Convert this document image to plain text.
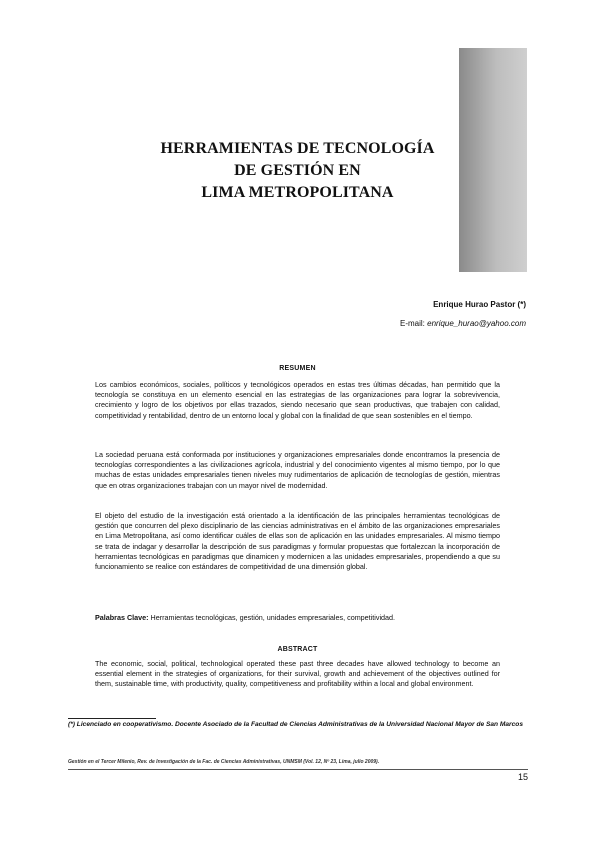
HERRAMIENTAS DE TECNOLOGÍA
DE GESTIÓN EN
LIMA METROPOLITANA
Enrique Hurao Pastor (*)
E-mail: enrique_hurao@yahoo.com
RESUMEN

Los cambios económicos, sociales, políticos y tecnológicos operados en estas tres últimas décadas, han permitido que la tecnología se constituya en un elemento esencial en las estrategias de las organizaciones para lograr la sobrevivencia, crecimiento y logro de los objetivos por ellas trazados, siendo necesario que sean productivas, que trabajen con calidad, competitividad y rentabilidad, dentro de un entorno local y global con la finalidad de que sean sostenibles en el tiempo.

La sociedad peruana está conformada por instituciones y organizaciones empresariales donde encontramos la presencia de tecnologías correspondientes a las civilizaciones agrícola, industrial y del conocimiento vigentes al mismo tiempo, por lo que muchas de estas unidades empresariales tienen niveles muy rudimentarios de aplicación de tecnologías de gestión, mientras que en otras organizaciones trabajan con un mayor nivel de modernidad.

El objeto del estudio de la investigación está orientado a la identificación de las principales herramientas tecnológicas de gestión que concurren del plexo disciplinario de las ciencias administrativas en el ámbito de las organizaciones empresariales en Lima Metropolitana, así como identificar cuáles de ellas son de aplicación en las unidades empresariales. Al mismo tiempo se trata de indagar y desarrollar la descripción de sus paradigmas y formular propuestas que fortalezcan la incorporación de herramientas tecnológicas en paradigmas que dinamicen y modernicen a las unidades empresariales, propendiendo a que su funcionamiento se realice con estándares de competitividad de una dimensión global.

Palabras Clave: Herramientas tecnológicas, gestión, unidades empresariales, competitividad.

ABSTRACT

The economic, social, political, technological operated these past three decades have allowed technology to become an essential element in the strategies of organizations, for their survival, growth and achievement of the objectives outlined for them, sustainable time, with productivity, quality, competitiveness and profitability within a local and global environment.

(*) Licenciado en cooperativismo. Docente Asociado de la Facultad de Ciencias Administrativas de la Universidad Nacional Mayor de San Marcos

Gestión en el Tercer Milenio, Rev. de Investigación de la Fac. de Ciencias Administrativas, UNMSM (Vol. 12, Nº 23, Lima, julio 2009).

15
